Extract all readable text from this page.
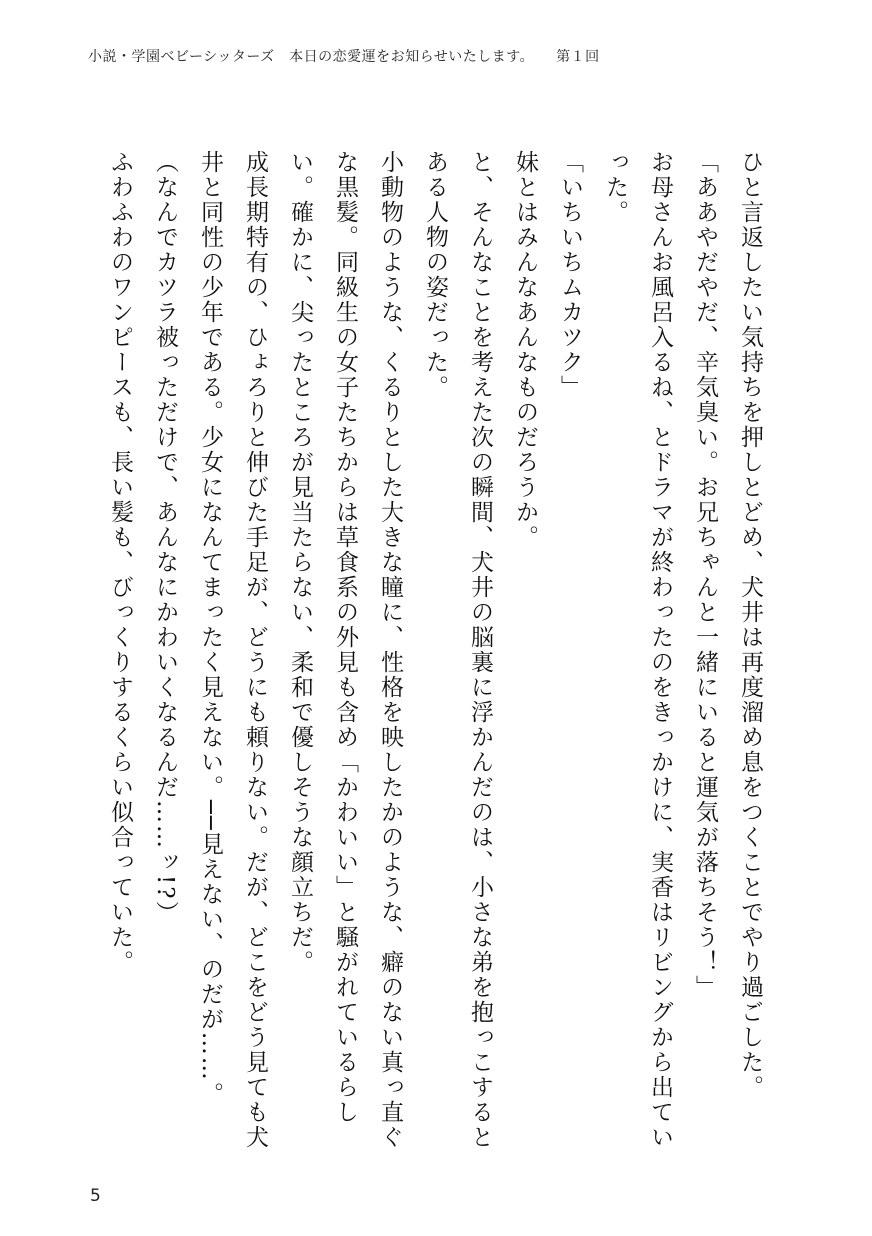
小説・学園ベビーシッターズ　本日の恋愛運をお知らせいたします。 第１回

ひと言返したい気持ちを押しとどめ、犬井は再度溜め息をつくことでやり過ごした。

「ああやだやだ、辛気臭い。お兄ちゃんと一緒にいると運気が落ちそう！」

お母さんお風呂入るね、とドラマが終わったのをきっかけに、実香はリビングから出ていった。

「いちいちムカツク」

妹とはみんなあんなものだろうか。

と、そんなことを考えた次の瞬間、犬井の脳裏に浮かんだのは、小さな弟を抱っこするとある人物の姿だった。

小動物のような、くるりとした大きな瞳に、性格を映したかのような、癖のない真っ直ぐな黒髪。同級生の女子たちからは草食系の外見も含め「かわいい」と騒がれているらしい。確かに、尖ったところが見当たらない、柔和で優しそうな顔立ちだ。

成長期特有の、ひょろりと伸びた手足が、どうにも頼りない。だが、どこをどう見ても犬井と同性の少年である。少女になんてまったく見えない。──見えない、のだが……。

（なんでカツラ被っただけで、あんなにかわいくなるんだ……ッ!?）

ふわふわのワンピースも、長い髪も、びっくりするくらい似合っていた。

5
